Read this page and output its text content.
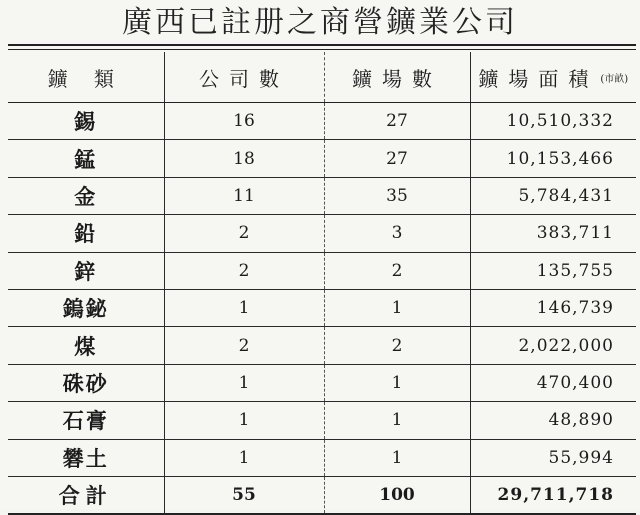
廣西已註册之商營鑛業公司
鑛 類	公司數	鑛場數	鑛場面積 $^{(市畝)}$
錫	16	27	10,510,332
錳	18	27	10,153,466
金	11	35	5,784,431
鉛	2	3	383,711
鋅	2	2	135,755
鎢鉍	1	1	146,739
煤	2	2	2,022,000
硃砂	1	1	470,400
石膏	1	1	48,890
礬土	1	1	55,994
合計	55	100	29,711,718
